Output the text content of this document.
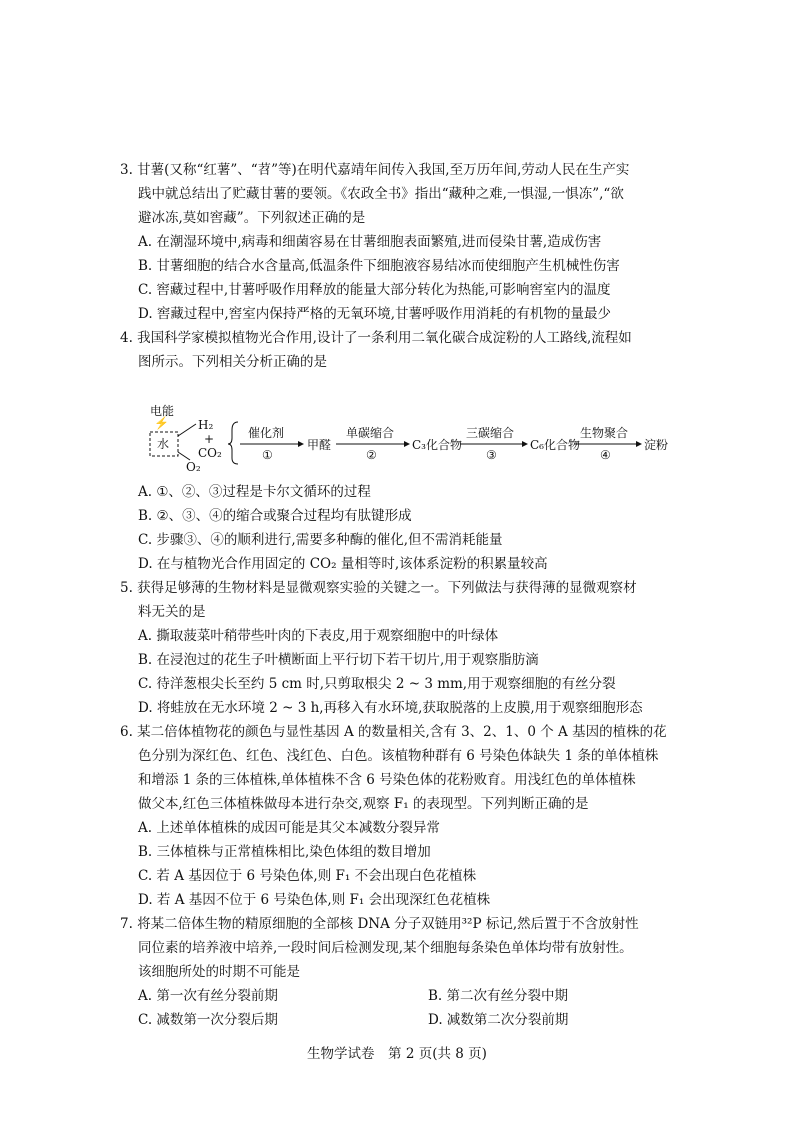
3. 甘薯(又称“红薯”、“苕”等)在明代嘉靖年间传入我国,至万历年间,劳动人民在生产实
践中就总结出了贮藏甘薯的要领。《农政全书》指出“藏种之难,一惧湿,一惧冻”,“欲
避冰冻,莫如窖藏”。下列叙述正确的是
A. 在潮湿环境中,病毒和细菌容易在甘薯细胞表面繁殖,进而侵染甘薯,造成伤害
B. 甘薯细胞的结合水含量高,低温条件下细胞液容易结冰而使细胞产生机械性伤害
C. 窖藏过程中,甘薯呼吸作用释放的能量大部分转化为热能,可影响窖室内的温度
D. 窖藏过程中,窖室内保持严格的无氧环境,甘薯呼吸作用消耗的有机物的量最少
4. 我国科学家模拟植物光合作用,设计了一条利用二氧化碳合成淀粉的人工路线,流程如
图所示。下列相关分析正确的是
电能
⚡
水
H₂
+
CO₂
O₂
催化剂
①
甲醛
单碳缩合
②
C₃化合物
三碳缩合
③
C₆化合物
生物聚合
④
淀粉
A. ①、②、③过程是卡尔文循环的过程
B. ②、③、④的缩合或聚合过程均有肽键形成
C. 步骤③、④的顺利进行,需要多种酶的催化,但不需消耗能量
D. 在与植物光合作用固定的 CO₂ 量相等时,该体系淀粉的积累量较高
5. 获得足够薄的生物材料是显微观察实验的关键之一。下列做法与获得薄的显微观察材
料无关的是
A. 撕取菠菜叶稍带些叶肉的下表皮,用于观察细胞中的叶绿体
B. 在浸泡过的花生子叶横断面上平行切下若干切片,用于观察脂肪滴
C. 待洋葱根尖长至约 5 cm 时,只剪取根尖 2 ~ 3 mm,用于观察细胞的有丝分裂
D. 将蛙放在无水环境 2 ~ 3 h,再移入有水环境,获取脱落的上皮膜,用于观察细胞形态
6. 某二倍体植物花的颜色与显性基因 A 的数量相关,含有 3、2、1、0 个 A 基因的植株的花
色分别为深红色、红色、浅红色、白色。该植物种群有 6 号染色体缺失 1 条的单体植株
和增添 1 条的三体植株,单体植株不含 6 号染色体的花粉败育。用浅红色的单体植株
做父本,红色三体植株做母本进行杂交,观察 F₁ 的表现型。下列判断正确的是
A. 上述单体植株的成因可能是其父本减数分裂异常
B. 三体植株与正常植株相比,染色体组的数目增加
C. 若 A 基因位于 6 号染色体,则 F₁ 不会出现白色花植株
D. 若 A 基因不位于 6 号染色体,则 F₁ 会出现深红色花植株
7. 将某二倍体生物的精原细胞的全部核 DNA 分子双链用³²P 标记,然后置于不含放射性
同位素的培养液中培养,一段时间后检测发现,某个细胞每条染色单体均带有放射性。
该细胞所处的时期不可能是
A. 第一次有丝分裂前期	B. 第二次有丝分裂中期
C. 减数第一次分裂后期	D. 减数第二次分裂前期
生物学试卷　第 2 页(共 8 页)
